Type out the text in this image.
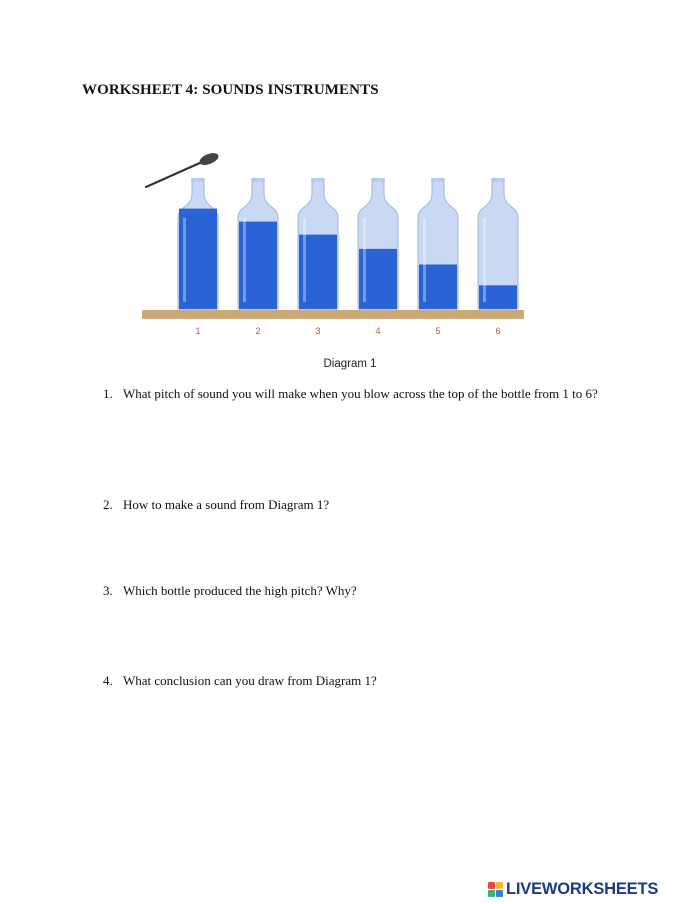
WORKSHEET 4: SOUNDS INSTRUMENTS
1	2	3	4	5	6
Diagram 1
1. What pitch of sound you will make when you blow across the top of the bottle from 1 to 6?
2. How to make a sound from Diagram 1?
3. Which bottle produced the high pitch? Why?
4. What conclusion can you draw from Diagram 1?
LIVEWORKSHEETS
